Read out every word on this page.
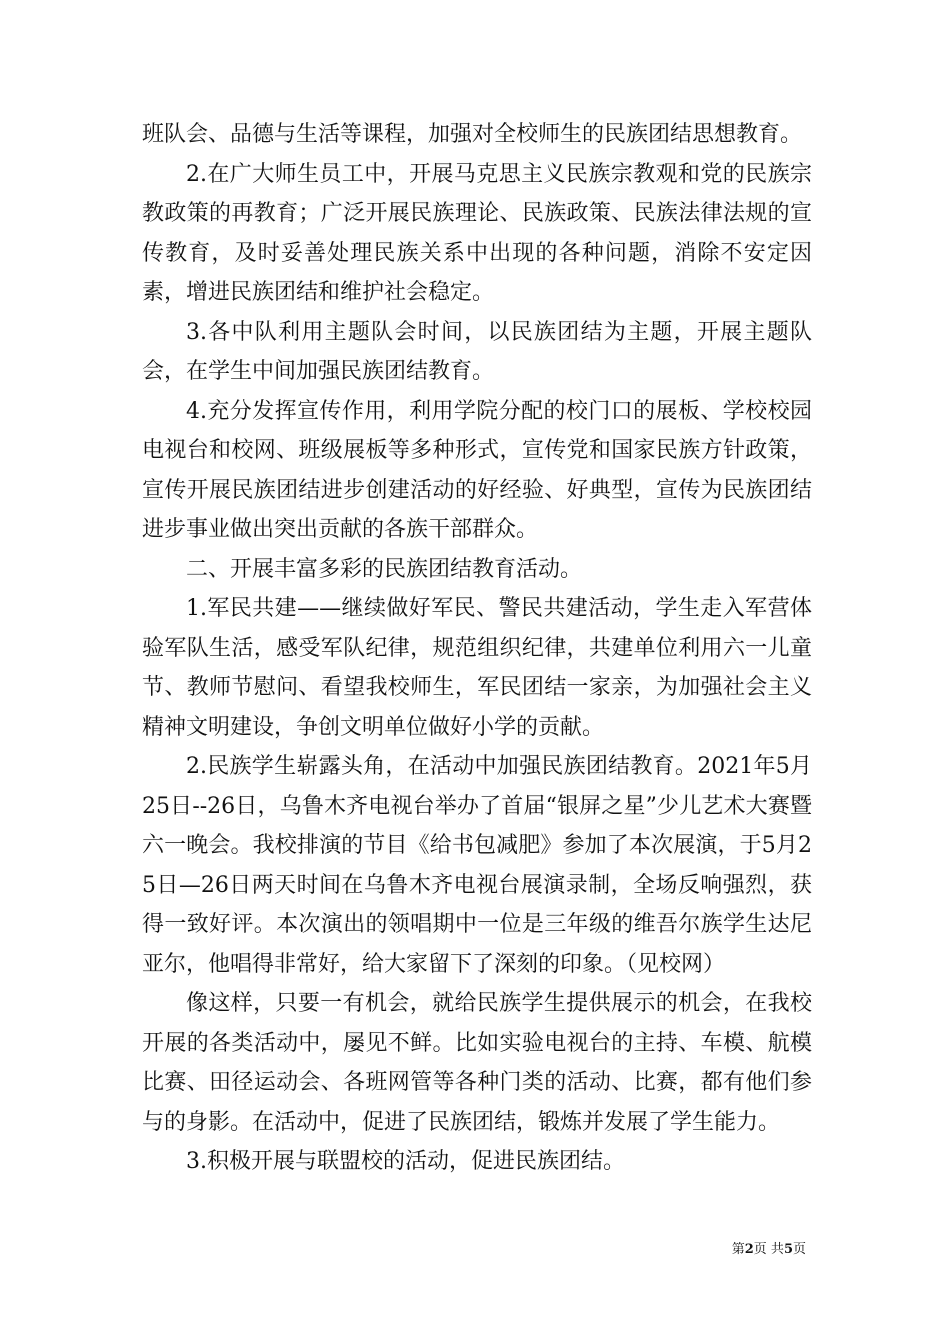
班队会、品德与生活等课程，加强对全校师生的民族团结思想教育。

2.在广大师生员工中，开展马克思主义民族宗教观和党的民族宗教政策的再教育；广泛开展民族理论、民族政策、民族法律法规的宣传教育，及时妥善处理民族关系中出现的各种问题，消除不安定因素，增进民族团结和维护社会稳定。

3.各中队利用主题队会时间，以民族团结为主题，开展主题队会，在学生中间加强民族团结教育。

4.充分发挥宣传作用，利用学院分配的校门口的展板、学校校园电视台和校网、班级展板等多种形式，宣传党和国家民族方针政策，宣传开展民族团结进步创建活动的好经验、好典型，宣传为民族团结进步事业做出突出贡献的各族干部群众。

二、开展丰富多彩的民族团结教育活动。

1.军民共建——继续做好军民、警民共建活动，学生走入军营体验军队生活，感受军队纪律，规范组织纪律，共建单位利用六一儿童节、教师节慰问、看望我校师生，军民团结一家亲，为加强社会主义精神文明建设，争创文明单位做好小学的贡献。

2.民族学生崭露头角，在活动中加强民族团结教育。2021年5月25日--26日，乌鲁木齐电视台举办了首届“银屏之星”少儿艺术大赛暨六一晚会。我校排演的节目《给书包减肥》参加了本次展演，于5月25日—26日两天时间在乌鲁木齐电视台展演录制，全场反响强烈，获得一致好评。本次演出的领唱期中一位是三年级的维吾尔族学生达尼亚尔，他唱得非常好，给大家留下了深刻的印象。（见校网）

像这样，只要一有机会，就给民族学生提供展示的机会，在我校开展的各类活动中，屡见不鲜。比如实验电视台的主持、车模、航模比赛、田径运动会、各班网管等各种门类的活动、比赛，都有他们参与的身影。在活动中，促进了民族团结，锻炼并发展了学生能力。

3.积极开展与联盟校的活动，促进民族团结。

第2页 共5页
